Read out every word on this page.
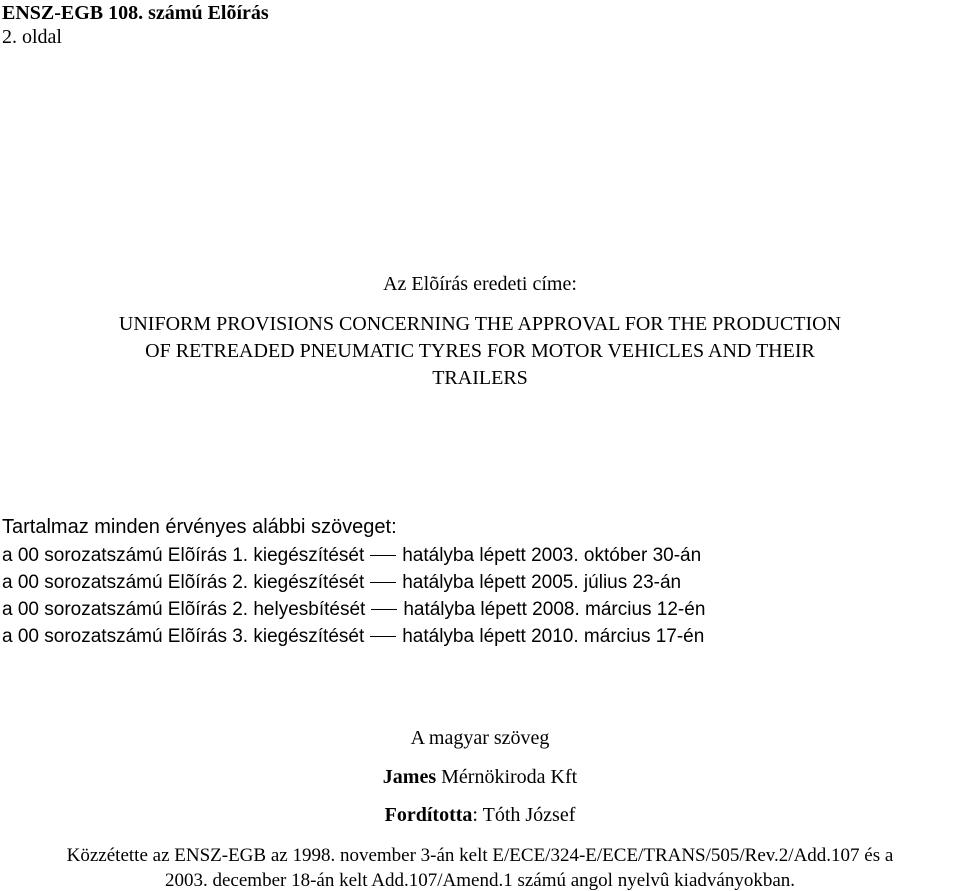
ENSZ-EGB 108. számú Elõírás
2. oldal
Az Elõírás eredeti címe:
UNIFORM PROVISIONS CONCERNING THE APPROVAL FOR THE PRODUCTION
OF RETREADED PNEUMATIC TYRES FOR MOTOR VEHICLES AND THEIR
TRAILERS
Tartalmaz minden érvényes alábbi szöveget:
a 00 sorozatszámú Elõírás 1. kiegészítését hatályba lépett 2003. október 30-án
a 00 sorozatszámú Elõírás 2. kiegészítését hatályba lépett 2005. július 23-án
a 00 sorozatszámú Elõírás 2. helyesbítését hatályba lépett 2008. március 12-én
a 00 sorozatszámú Elõírás 3. kiegészítését hatályba lépett 2010. március 17-én
A magyar szöveg
James Mérnökiroda Kft
Fordította: Tóth József
Közzétette az ENSZ-EGB az 1998. november 3-án kelt E/ECE/324-E/ECE/TRANS/505/Rev.2/Add.107 és a
2003. december 18-án kelt Add.107/Amend.1 számú angol nyelvû kiadványokban.
